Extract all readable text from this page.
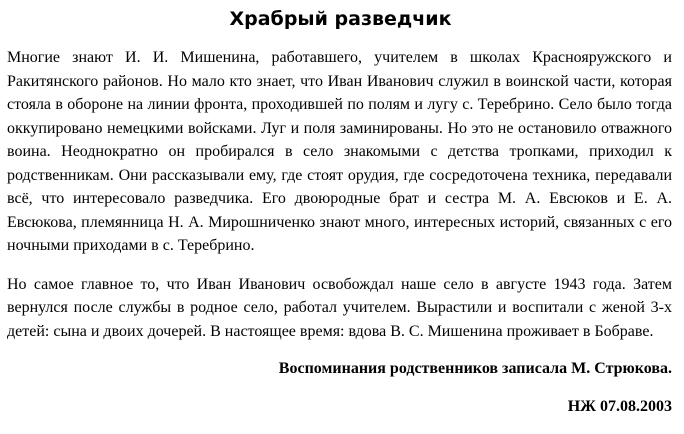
Храбрый разведчик

Многие знают И. И. Мишенина, работавшего, учителем в школах Краснояружского и Ракитянского районов. Но мало кто знает, что Иван Иванович служил в воинской части, которая стояла в обороне на линии фронта, проходившей по полям и лугу с. Теребрино. Село было тогда оккупировано немецкими войсками. Луг и поля заминированы. Но это не остановило отважного воина. Неоднократно он пробирался в село знакомыми с детства тропками, приходил к родственникам. Они рассказывали ему, где стоят орудия, где сосредоточена техника, передавали всё, что интересовало разведчика. Его двоюродные брат и сестра М. А. Евсюков и Е. А. Евсюкова, племянница Н. А. Мирошниченко знают много, интересных историй, связанных с его ночными приходами в с. Теребрино.

Но самое главное то, что Иван Иванович освобождал наше село в августе 1943 года. Затем вернулся после службы в родное село, работал учителем. Вырастили и воспитали с женой 3-х детей: сына и двоих дочерей. В настоящее время: вдова В. С. Мишенина проживает в Бобраве.

Воспоминания родственников записала М. Стрюкова.

НЖ 07.08.2003
